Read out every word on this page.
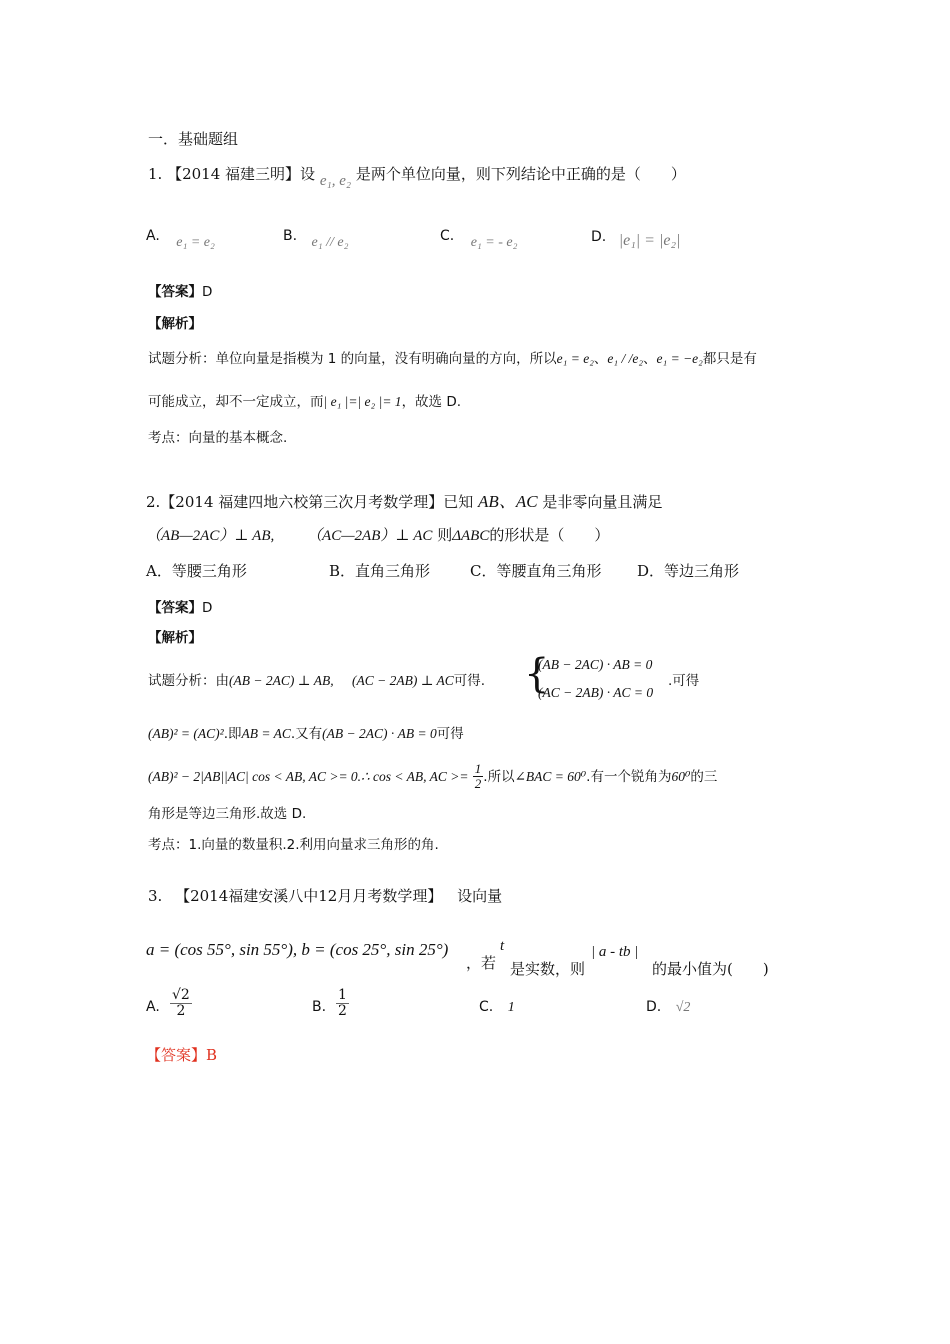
一．基础题组
1. 【2014 福建三明】设 e₁, e₂ 是两个单位向量，则下列结论中正确的是（　　）
A. e₁ = e₂	B. e₁ // e₂	C. e₁ = - e₂	D. |e₁| = |e₂|
【答案】D
【解析】
试题分析：单位向量是指模为 1 的向量，没有明确向量的方向，所以e₁ = e₂、e₁ / /e₂、e₁ = −e₂都只是有
可能成立，却不一定成立，而| e₁ |=| e₂ |= 1，故选 D.
考点：向量的基本概念.
2.【2014 福建四地六校第三次月考数学理】已知 AB、AC 是非零向量且满足
（AB—2AC）⊥ AB, （AC—2AB）⊥ AC 则ΔABC的形状是（　　）
A．等腰三角形	B．直角三角形	C．等腰直角三角形 D．等边三角形
【答案】D
【解析】
试题分析：由(AB − 2AC) ⊥ AB, (AC − 2AB) ⊥ AC可得. {
(AB − 2AC) · AB = 0
(AC − 2AB) · AC = 0
.可得
(AB)² = (AC)².即AB = AC.又有(AB − 2AC) · AB = 0可得
(AB)² − 2|AB||AC| cos < AB, AC >= 0.∴ cos < AB, AC >= $\frac{1}{2}$ .所以∠BAC = 60⁰.有一个锐角为60⁰的三
角形是等边三角形.故选 D.
考点：1.向量的数量积.2.利用向量求三角形的角.
3. 【2014福建安溪八中12月月考数学理】 设向量
a = (cos 55°, sin 55°), b = (cos 25°, sin 25°)
，若
t
是实数，则
| a - tb |
的最小值为(　　)
A. $\frac{√2}{2}$	B. $\frac{1}{2}$	C. 1	D. √2
【答案】B
